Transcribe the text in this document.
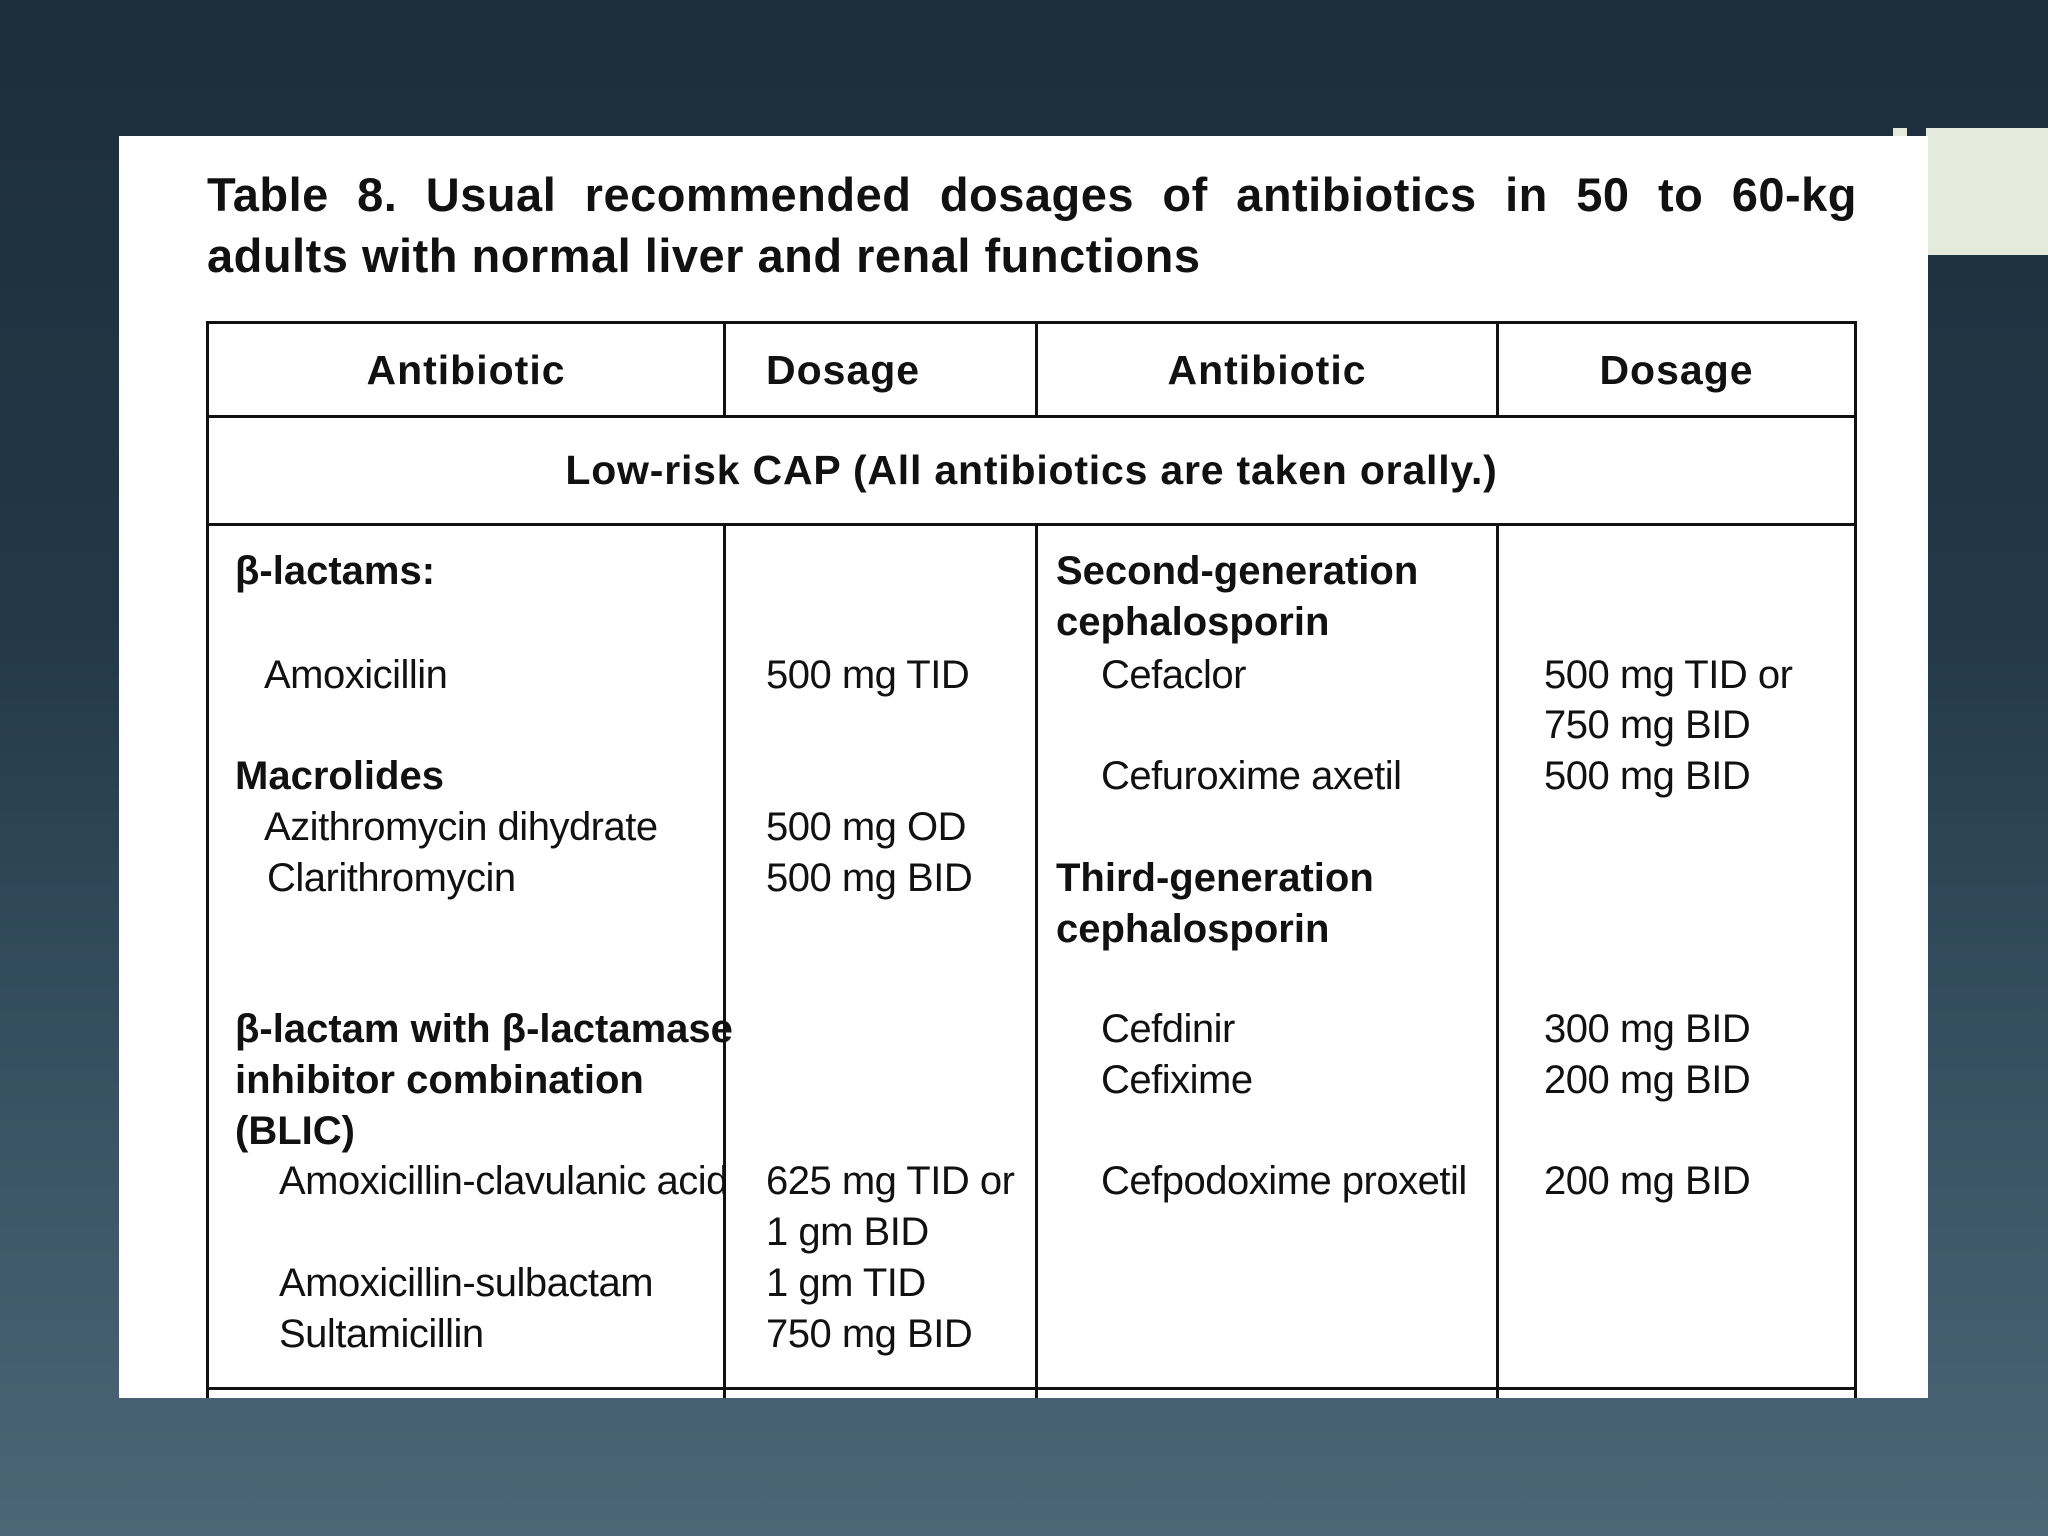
Table 8. Usual recommended dosages of antibiotics in 50 to 60-kg adults with normal liver and renal functions
Antibiotic	Dosage	Antibiotic	Dosage
Low-risk CAP (All antibiotics are taken orally.)
β-lactams:
Amoxicillin	500 mg TID
Macrolides
Azithromycin dihydrate	500 mg OD
Clarithromycin	500 mg BID
β-lactam with β-lactamase
inhibitor combination
(BLIC)
Amoxicillin-clavulanic acid 625 mg TID or
1 gm BID
Amoxicillin-sulbactam	1 gm TID
Sultamicillin	750 mg BID
Second-generation
cephalosporin
Cefaclor	500 mg TID or
750 mg BID
Cefuroxime axetil	500 mg BID
Third-generation
cephalosporin
Cefdinir	300 mg BID
Cefixime	200 mg BID
Cefpodoxime proxetil 200 mg BID
